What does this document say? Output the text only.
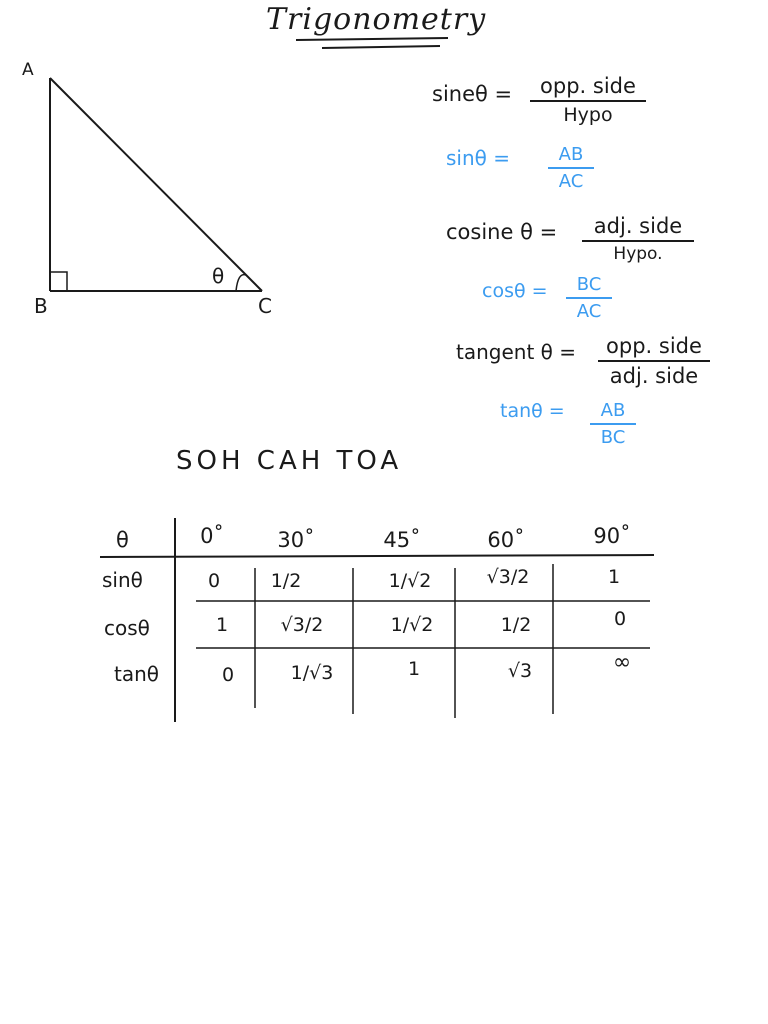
Trigonometry
A
B	C
θ
sineθ =	opp. side
Hypo
sinθ =	AB
AC
cosine θ =	adj. side
Hypo.
cosθ =	BC
AC
tangent θ =	opp. side
adj. side
tanθ =	AB
BC
SOH CAH TOA
θ	0˚	30˚	45˚	60˚	90˚
sinθ	0	1/2	1/√2	√3/2	1
cosθ	1	√3/2	1/√2	1/2	0
tanθ	0	1/√3	1	√3	∞
